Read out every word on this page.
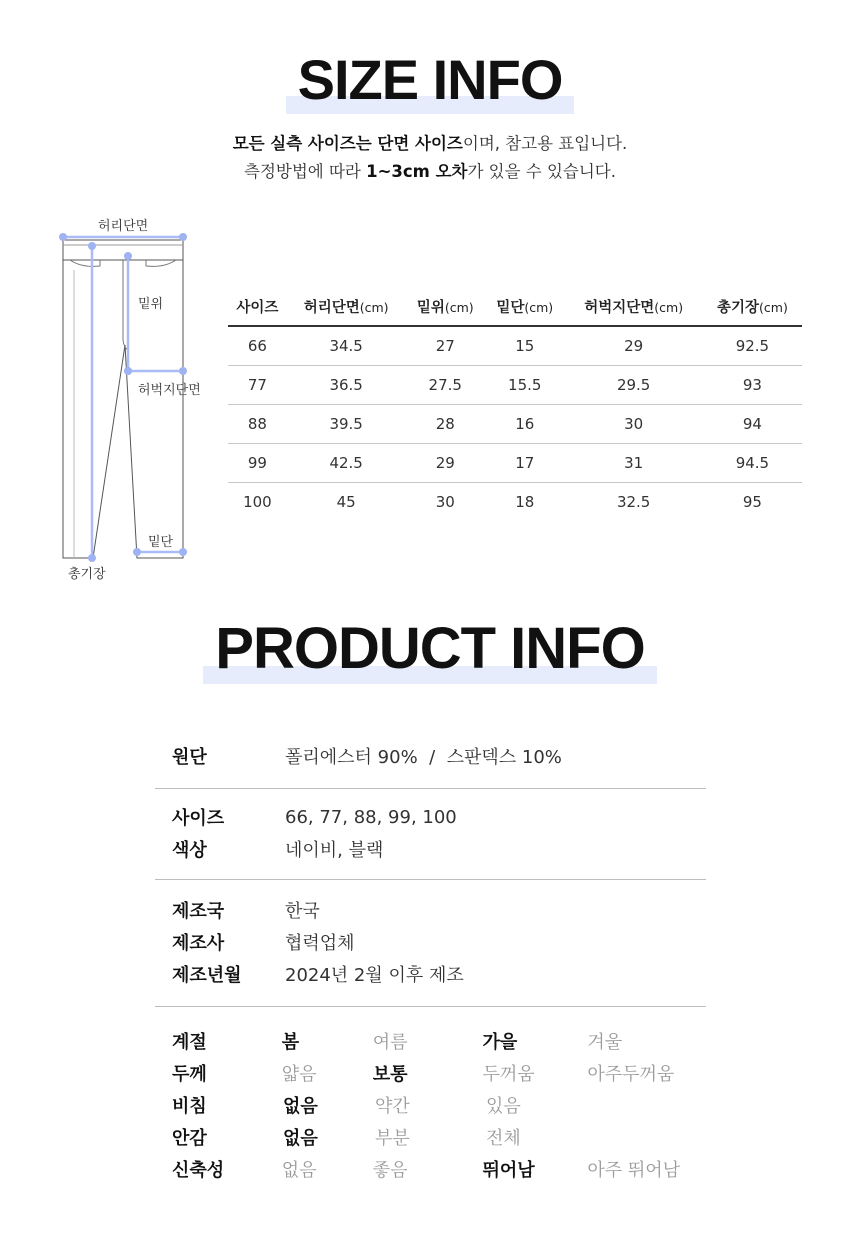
SIZE INFO
모든 실측 사이즈는 단면 사이즈이며, 참고용 표입니다.
측정방법에 따라 1~3cm 오차가 있을 수 있습니다.
허리단면
밑위
허벅지단면
밑단
총기장
사이즈	허리단면(cm)	밑위(cm)	밑단(cm)	허벅지단면(cm)	총기장(cm)
66	34.5	27	15	29	92.5
77	36.5	27.5	15.5	29.5	93
88	39.5	28	16	30	94
99	42.5	29	17	31	94.5
100	45	30	18	32.5	95
PRODUCT INFO
원단	폴리에스터 90%  /  스판덱스 10%
사이즈	66, 77, 88, 99, 100
색상	네이비, 블랙
제조국	한국
제조사	협력업체
제조년월	2024년 2월 이후 제조
계절	봄	여름	가을	겨울
두께	얇음	보통	두꺼움	아주두꺼움
비침	없음	약간	있음
안감	없음	부분	전체
신축성	없음	좋음	뛰어남	아주 뛰어남
